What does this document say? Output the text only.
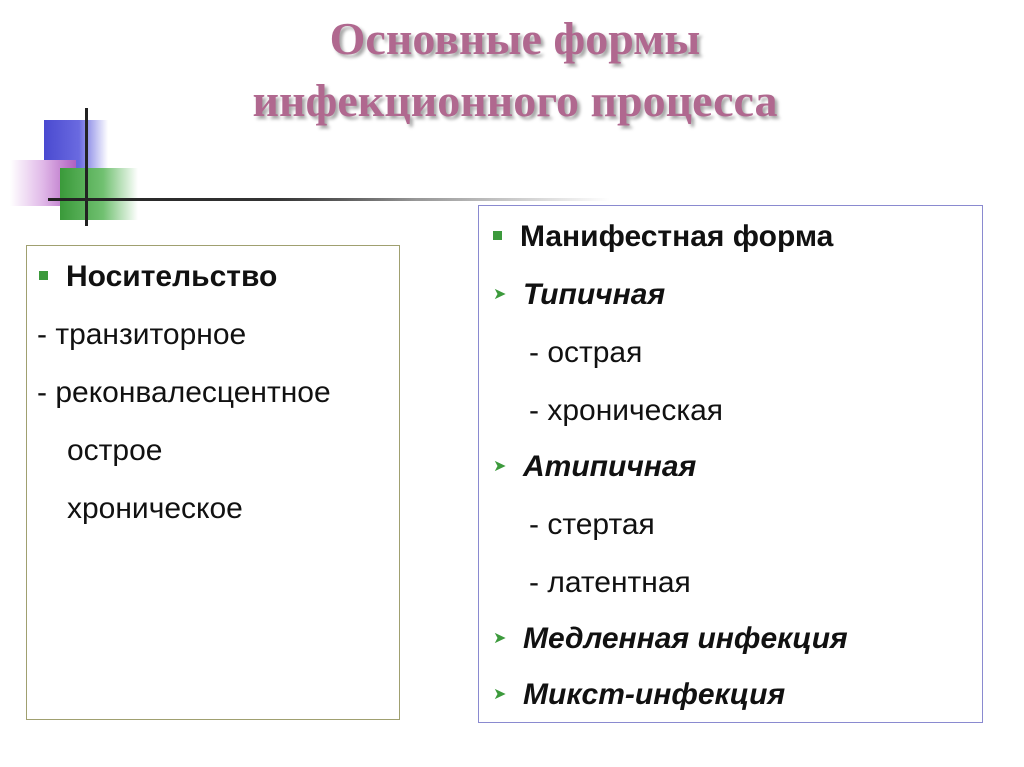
Основные формы
инфекционного процесса
Носительство
- транзиторное
- реконвалесцентное
острое
хроническое
Манифестная форма
➤ Типичная
- острая
- хроническая
➤ Атипичная
- стертая
- латентная
➤ Медленная инфекция
➤ Микст-инфекция
